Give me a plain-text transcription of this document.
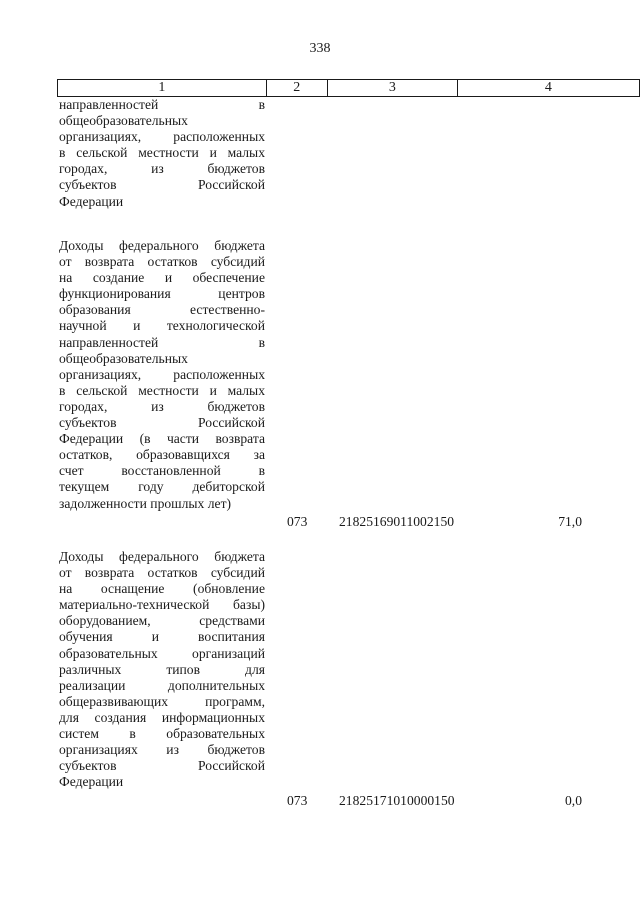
338
1	2	3	4
направленностей в
общеобразовательных
организациях, расположенных
в сельской местности и малых
городах, из бюджетов
субъектов Российской
Федерации
Доходы федерального бюджета
от возврата остатков субсидий
на создание и обеспечение
функционирования центров
образования естественно-
научной и технологической
направленностей в
общеобразовательных
организациях, расположенных
в сельской местности и малых
городах, из бюджетов
субъектов Российской
Федерации (в части возврата
остатков, образовавщихся за
счет восстановленной в
текущем году дебиторской
задолженности прошлых лет)
073	21825169011002150	71,0
Доходы федерального бюджета
от возврата остатков субсидий
на оснащение (обновление
материально-технической базы)
оборудованием, средствами
обучения и воспитания
образовательных организаций
различных типов для
реализации дополнительных
общеразвивающих программ,
для создания информационных
систем в образовательных
организациях из бюджетов
субъектов Российской
Федерации
073	21825171010000150	0,0
